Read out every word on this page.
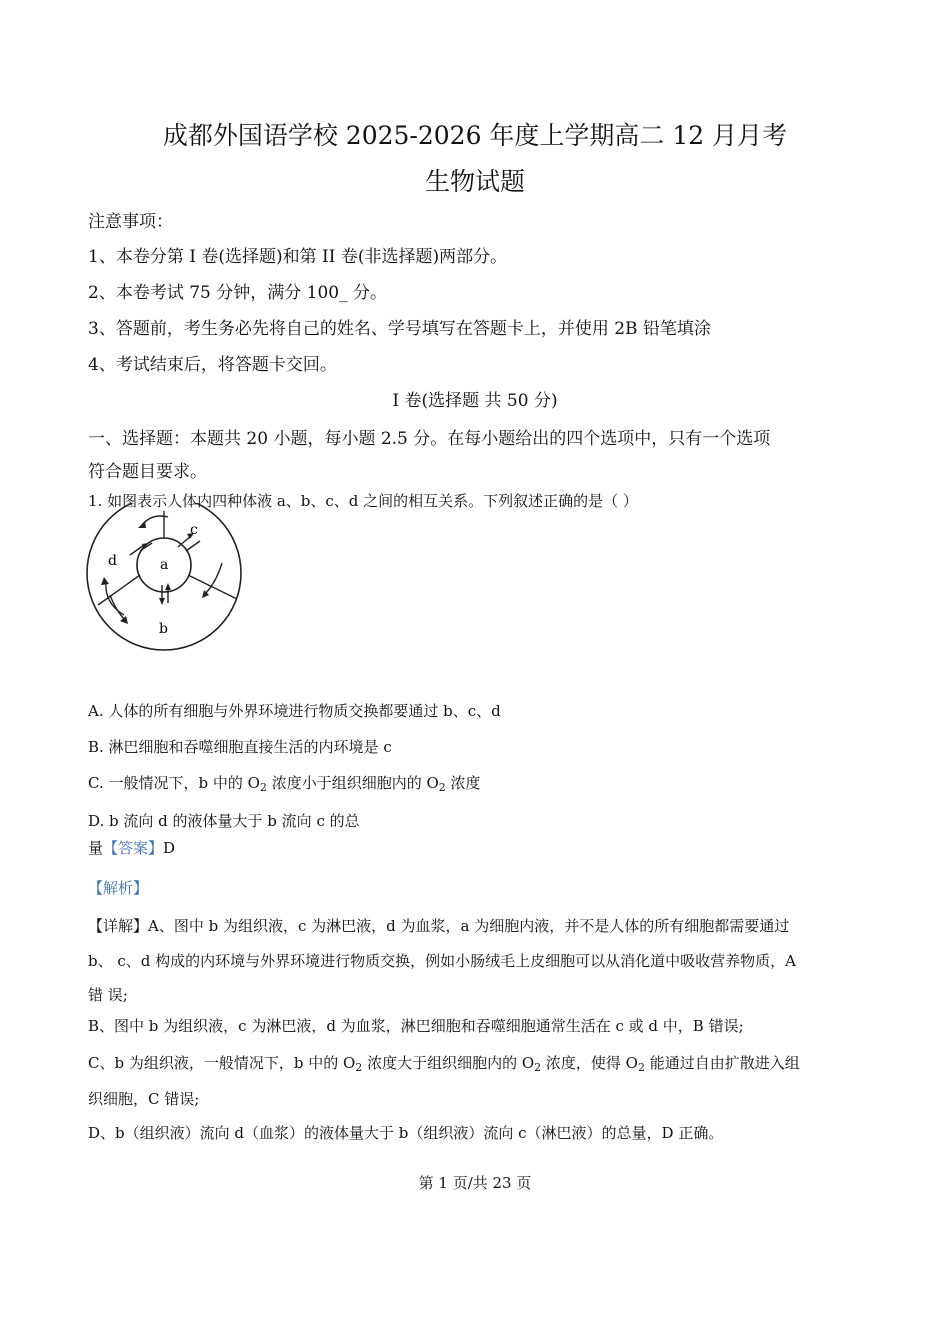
成都外国语学校 2025-2026 年度上学期高二 12 月月考
生物试题
注意事项：
1、本卷分第 I 卷(选择题)和第 II 卷(非选择题)两部分。
2、本卷考试 75 分钟，满分 100_ 分。
3、答题前，考生务必先将自己的姓名、学号填写在答题卡上，并使用 2B 铅笔填涂
4、考试结束后，将答题卡交回。
I 卷(选择题 共 50 分)
一、选择题：本题共 20 小题，每小题 2.5 分。在每小题给出的四个选项中，只有一个选项
符合题目要求。
1. 如图表示人体内四种体液 a、b、c、d 之间的相互关系。下列叙述正确的是（ ）
a
b
c
d
A. 人体的所有细胞与外界环境进行物质交换都要通过 b、c、d
B. 淋巴细胞和吞噬细胞直接生活的内环境是 c
C. 一般情况下，b 中的 $O_2$ 浓度小于组织细胞内的 $O_2$ 浓度
D. b 流向 d 的液体量大于 b 流向 c 的总
量【答案】D
【解析】
【详解】A、图中 b 为组织液，c 为淋巴液，d 为血浆，a 为细胞内液，并不是人体的所有细胞都需要通过
b、 c、d 构成的内环境与外界环境进行物质交换，例如小肠绒毛上皮细胞可以从消化道中吸收营养物质，A
错 误;
B、图中 b 为组织液，c 为淋巴液，d 为血浆，淋巴细胞和吞噬细胞通常生活在 c 或 d 中，B 错误;
C、b 为组织液，一般情况下，b 中的 $O_2$ 浓度大于组织细胞内的 $O_2$ 浓度，使得 $O_2$ 能通过自由扩散进入组
织细胞，C 错误;
D、b（组织液）流向 d（血浆）的液体量大于 b（组织液）流向 c（淋巴液）的总量，D 正确。
第 1 页/共 23 页
